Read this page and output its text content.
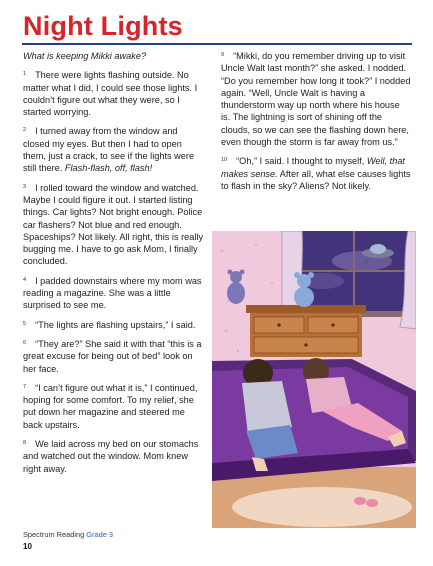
Night Lights

What is keeping Mikki awake?

$^1$ There were lights flashing outside. No matter what I did, I could see those lights. I couldn’t figure out what they were, so I started worrying.

$^2$ I turned away from the window and closed my eyes. But then I had to open them, just a crack, to see if the lights were still there. Flash-flash, off, flash!

$^3$ I rolled toward the window and watched. Maybe I could figure it out. I started listing things. Car lights? Not bright enough. Police car flashers? Not blue and red enough. Spaceships? Not likely. All right, this is really bugging me. I have to go ask Mom, I finally concluded.

$^4$ I padded downstairs where my mom was reading a magazine. She was a little surprised to see me.

$^5$ “The lights are flashing upstairs,” I said.

$^6$ “They are?” She said it with that “this is a great excuse for being out of bed” look on her face.

$^7$ “I can’t figure out what it is,” I continued, hoping for some comfort. To my relief, she put down her magazine and steered me back upstairs.

$^8$ We laid across my bed on our stomachs and watched out the window. Mom knew right away.

$^9$ “Mikki, do you remember driving up to visit Uncle Walt last month?” she asked. I nodded. “Do you remember how long it took?” I nodded again. “Well, Uncle Walt is having a thunderstorm way up north where his house is. The lightning is sort of shining off the clouds, so we can see the flashing down here, even though the storm is far away from us.”

$^{10}$ “Oh,” I said. I thought to myself, Well, that makes sense. After all, what else causes lights to flash in the sky? Aliens? Not likely.

Spectrum Reading Grade 3
10
